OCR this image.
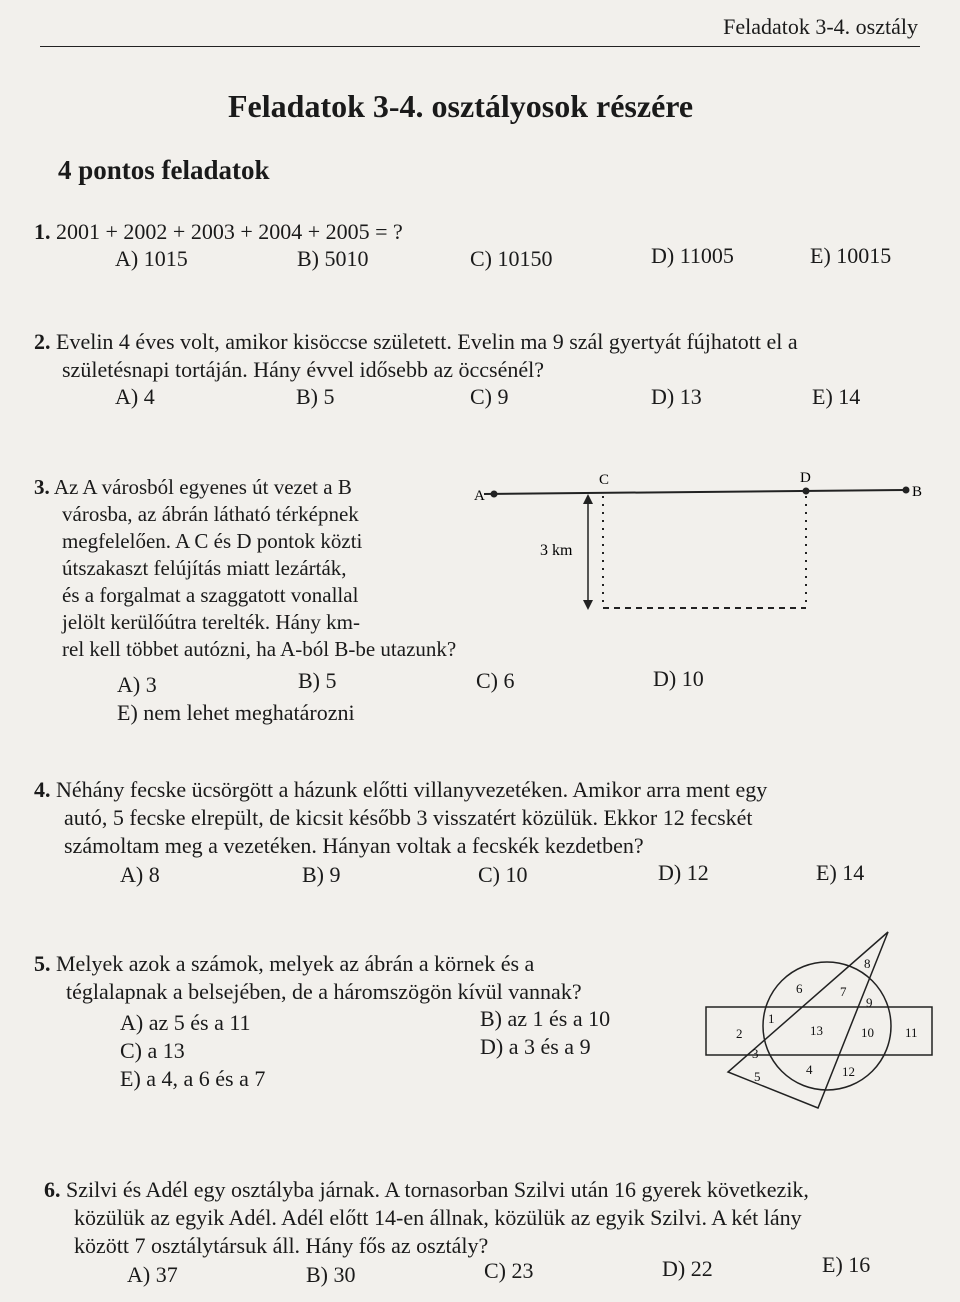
Feladatok 3-4. osztály
Feladatok 3-4. osztályosok részére
4 pontos feladatok
1. 2001 + 2002 + 2003 + 2004 + 2005 = ?
A) 1015	B) 5010	C) 10150	D) 11005	E) 10015
2. Evelin 4 éves volt, amikor kisöccse született. Evelin ma 9 szál gyertyát fújhatott el a
születésnapi tortáján. Hány évvel idősebb az öccsénél?
A) 4	B) 5	C) 9	D) 13	E) 14
3. Az A városból egyenes út vezet a B
városba, az ábrán látható térképnek
megfelelően. A C és D pontok közti
útszakaszt felújítás miatt lezárták,
és a forgalmat a szaggatott vonallal
jelölt kerülőútra terelték. Hány km-
rel kell többet autózni, ha A-ból B-be utazunk?
A) 3	B) 5	C) 6	D) 10
E) nem lehet meghatározni
A	B
C	D
3 km
4. Néhány fecske ücsörgött a házunk előtti villanyvezetéken. Amikor arra ment egy
autó, 5 fecske elrepült, de kicsit később 3 visszatért közülük. Ekkor 12 fecskét
számoltam meg a vezetéken. Hányan voltak a fecskék kezdetben?
A) 8	B) 9	C) 10	D) 12	E) 14
5. Melyek azok a számok, melyek az ábrán a körnek és a
téglalapnak a belsejében, de a háromszögön kívül vannak?
A) az 5 és a 11	B) az 1 és a 10
C) a 13	D) a 3 és a 9
E) a 4, a 6 és a 7
1
2
3
4
5
6	7
8
9
10 11
12
13
6. Szilvi és Adél egy osztályba járnak. A tornasorban Szilvi után 16 gyerek következik,
közülük az egyik Adél. Adél előtt 14-en állnak, közülük az egyik Szilvi. A két lány
között 7 osztálytársuk áll. Hány fős az osztály?
A) 37	B) 30	C) 23	D) 22	E) 16
